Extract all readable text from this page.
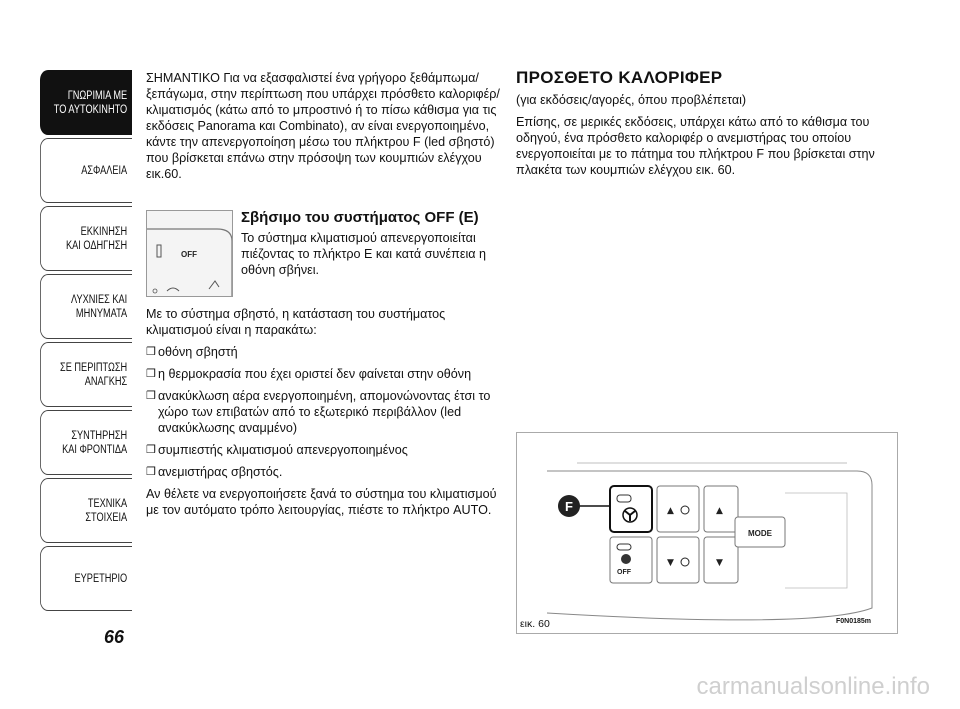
ΓΝΩΡΙΜΙΑ ΜΕ
ΤΟ ΑΥΤΟΚΙΝΗΤΟ
ΑΣΦΑΛΕΙΑ
ΕΚΚΙΝΗΣΗ
ΚΑΙ ΟΔΗΓΗΣΗ
ΛΥΧΝΙΕΣ ΚΑΙ
ΜΗΝΥΜΑΤΑ
ΣΕ ΠΕΡΙΠΤΩΣΗ
ΑΝΑΓΚΗΣ
ΣΥΝΤΗΡΗΣΗ
ΚΑΙ ΦΡΟΝΤΙΔΑ
ΤΕΧΝΙΚΑ
ΣΤΟΙΧΕΙΑ
ΕΥΡΕΤΗΡΙΟ
66

ΣΗΜΑΝΤΙΚΟ Για να εξασφαλιστεί ένα γρήγορο ξεθάμπωμα/ξεπάγωμα, στην περίπτωση που υπάρχει πρόσθετο καλοριφέρ/κλιματισμός (κάτω από το μπροστινό ή το πίσω κάθισμα για τις εκδόσεις Panorama και Combinato), αν είναι ενεργοποιημένο, κάντε την απενεργοποίηση μέσω του πλήκτρου F (led σβηστό) που βρίσκεται επάνω στην πρόσοψη των κουμπιών ελέγχου εικ.60.

OFF
Σβήσιμο του συστήματος OFF (E)
Το σύστημα κλιματισμού απενεργοποιείται πιέζοντας το πλήκτρο E και κατά συνέπεια η οθόνη σβήνει.

Με το σύστημα σβηστό, η κατάσταση του συστήματος κλιματισμού είναι η παρακάτω:

❒ οθόνη σβηστή

❒ η θερμοκρασία που έχει οριστεί δεν φαίνεται στην οθόνη

❒ ανακύκλωση αέρα ενεργοποιημένη, απομονώνοντας έτσι το χώρο των επιβατών από το εξωτερικό περιβάλλον (led ανακύκλωσης αναμμένο)

❒ συμπιεστής κλιματισμού απενεργοποιημένος

❒ ανεμιστήρας σβηστός.

Αν θέλετε να ενεργοποιήσετε ξανά το σύστημα του κλιματισμού με τον αυτόματο τρόπο λειτουργίας, πιέστε το πλήκτρο AUTO.

ΠΡΟΣΘΕΤΟ ΚΑΛΟΡΙΦΕΡ

(για εκδόσεις/αγορές, όπου προβλέπεται)

Επίσης, σε μερικές εκδόσεις, υπάρχει κάτω από το κάθισμα του οδηγού, ένα πρόσθετο καλοριφέρ ο ανεμιστήρας του οποίου ενεργοποιείται με το πάτημα του πλήκτρου F που βρίσκεται στην πλακέτα των κουμπιών ελέγχου εικ. 60.

F	▲	▲
OFF
▼	▼
MODE
εικ. 60	F0N0185m
carmanualsonline.info
